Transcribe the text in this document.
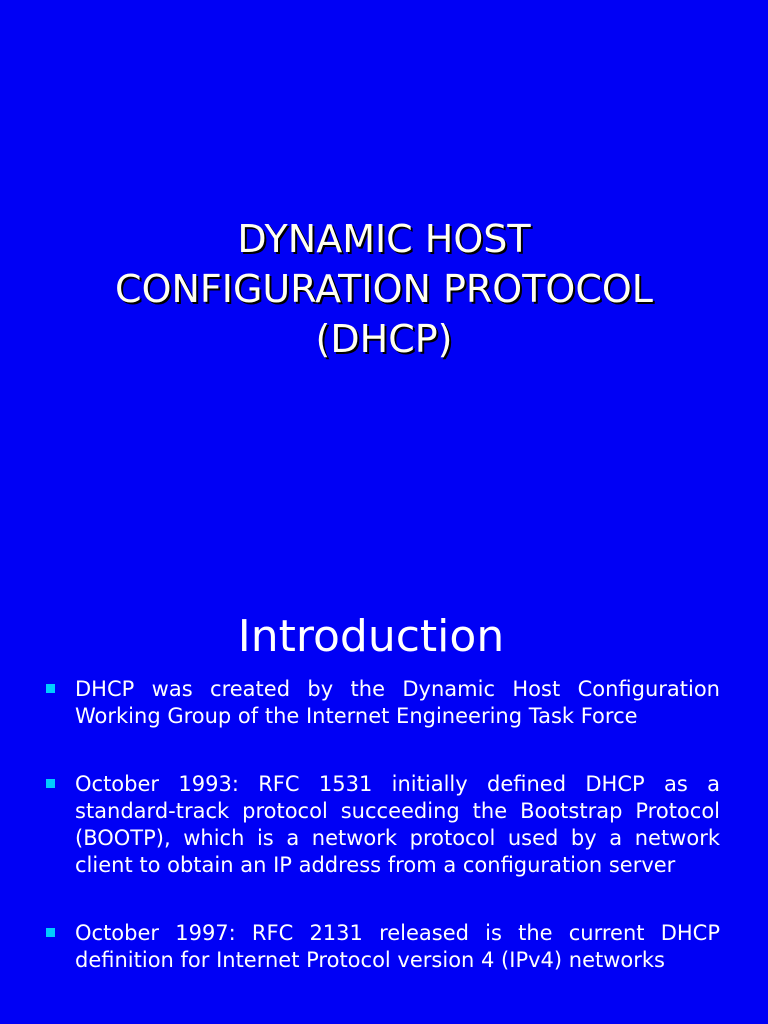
DYNAMIC HOST
CONFIGURATION PROTOCOL
(DHCP)
Introduction
DHCP was created by the Dynamic Host Configuration Working Group of the Internet Engineering Task Force
October 1993: RFC 1531 initially defined DHCP as a standard-track protocol succeeding the Bootstrap Protocol (BOOTP), which is a network protocol used by a network client to obtain an IP address from a configuration server
October 1997: RFC 2131 released is the current DHCP definition for Internet Protocol version 4 (IPv4) networks
